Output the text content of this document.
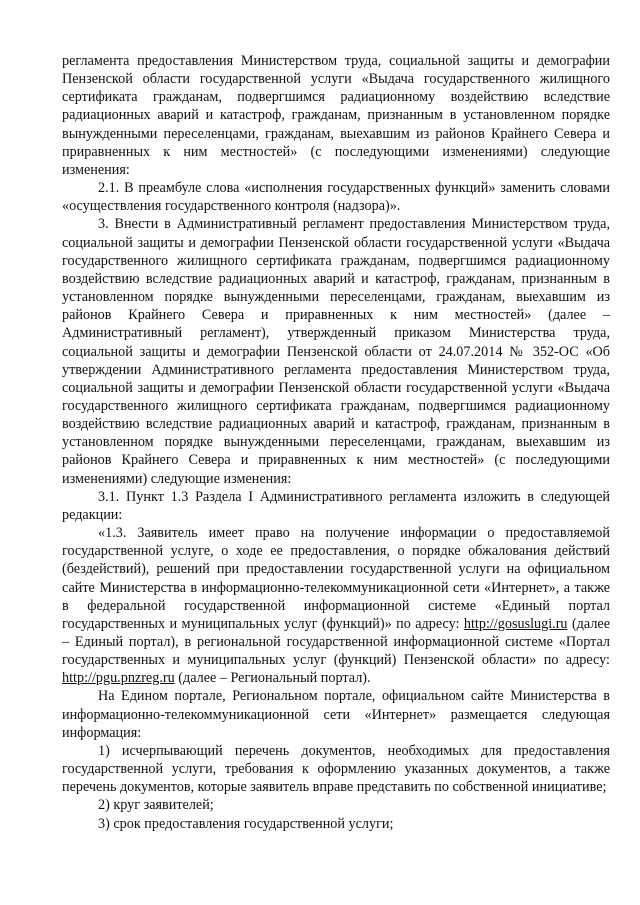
регламента предоставления Министерством труда, социальной защиты и демографии Пензенской области государственной услуги «Выдача государственного жилищного сертификата гражданам, подвергшимся радиационному воздействию вследствие радиационных аварий и катастроф, гражданам, признанным в установленном порядке вынужденными переселенцами, гражданам, выехавшим из районов Крайнего Севера и приравненных к ним местностей» (с последующими изменениями) следующие изменения:

2.1. В преамбуле слова «исполнения государственных функций» заменить словами «осуществления государственного контроля (надзора)».

3. Внести в Административный регламент предоставления Министерством труда, социальной защиты и демографии Пензенской области государственной услуги «Выдача государственного жилищного сертификата гражданам, подвергшимся радиационному воздействию вследствие радиационных аварий и катастроф, гражданам, признанным в установленном порядке вынужденными переселенцами, гражданам, выехавшим из районов Крайнего Севера и приравненных к ним местностей» (далее – Административный регламент), утвержденный приказом Министерства труда, социальной защиты и демографии Пензенской области от 24.07.2014 № 352-ОС «Об утверждении Административного регламента предоставления Министерством труда, социальной защиты и демографии Пензенской области государственной услуги «Выдача государственного жилищного сертификата гражданам, подвергшимся радиационному воздействию вследствие радиационных аварий и катастроф, гражданам, признанным в установленном порядке вынужденными переселенцами, гражданам, выехавшим из районов Крайнего Севера и приравненных к ним местностей» (с последующими изменениями) следующие изменения:

3.1. Пункт 1.3 Раздела I Административного регламента изложить в следующей редакции:

«1.3. Заявитель имеет право на получение информации о предоставляемой государственной услуге, о ходе ее предоставления, о порядке обжалования действий (бездействий), решений при предоставлении государственной услуги на официальном сайте Министерства в информационно-телекоммуникационной сети «Интернет», а также в федеральной государственной информационной системе «Единый портал государственных и муниципальных услуг (функций)» по адресу: http://gosuslugi.ru (далее – Единый портал), в региональной государственной информационной системе «Портал государственных и муниципальных услуг (функций) Пензенской области» по адресу: http://pgu.pnzreg.ru (далее – Региональный портал).

На Едином портале, Региональном портале, официальном сайте Министерства в информационно-телекоммуникационной сети «Интернет» размещается следующая информация:

1) исчерпывающий перечень документов, необходимых для предоставления государственной услуги, требования к оформлению указанных документов, а также перечень документов, которые заявитель вправе представить по собственной инициативе;

2) круг заявителей;

3) срок предоставления государственной услуги;
